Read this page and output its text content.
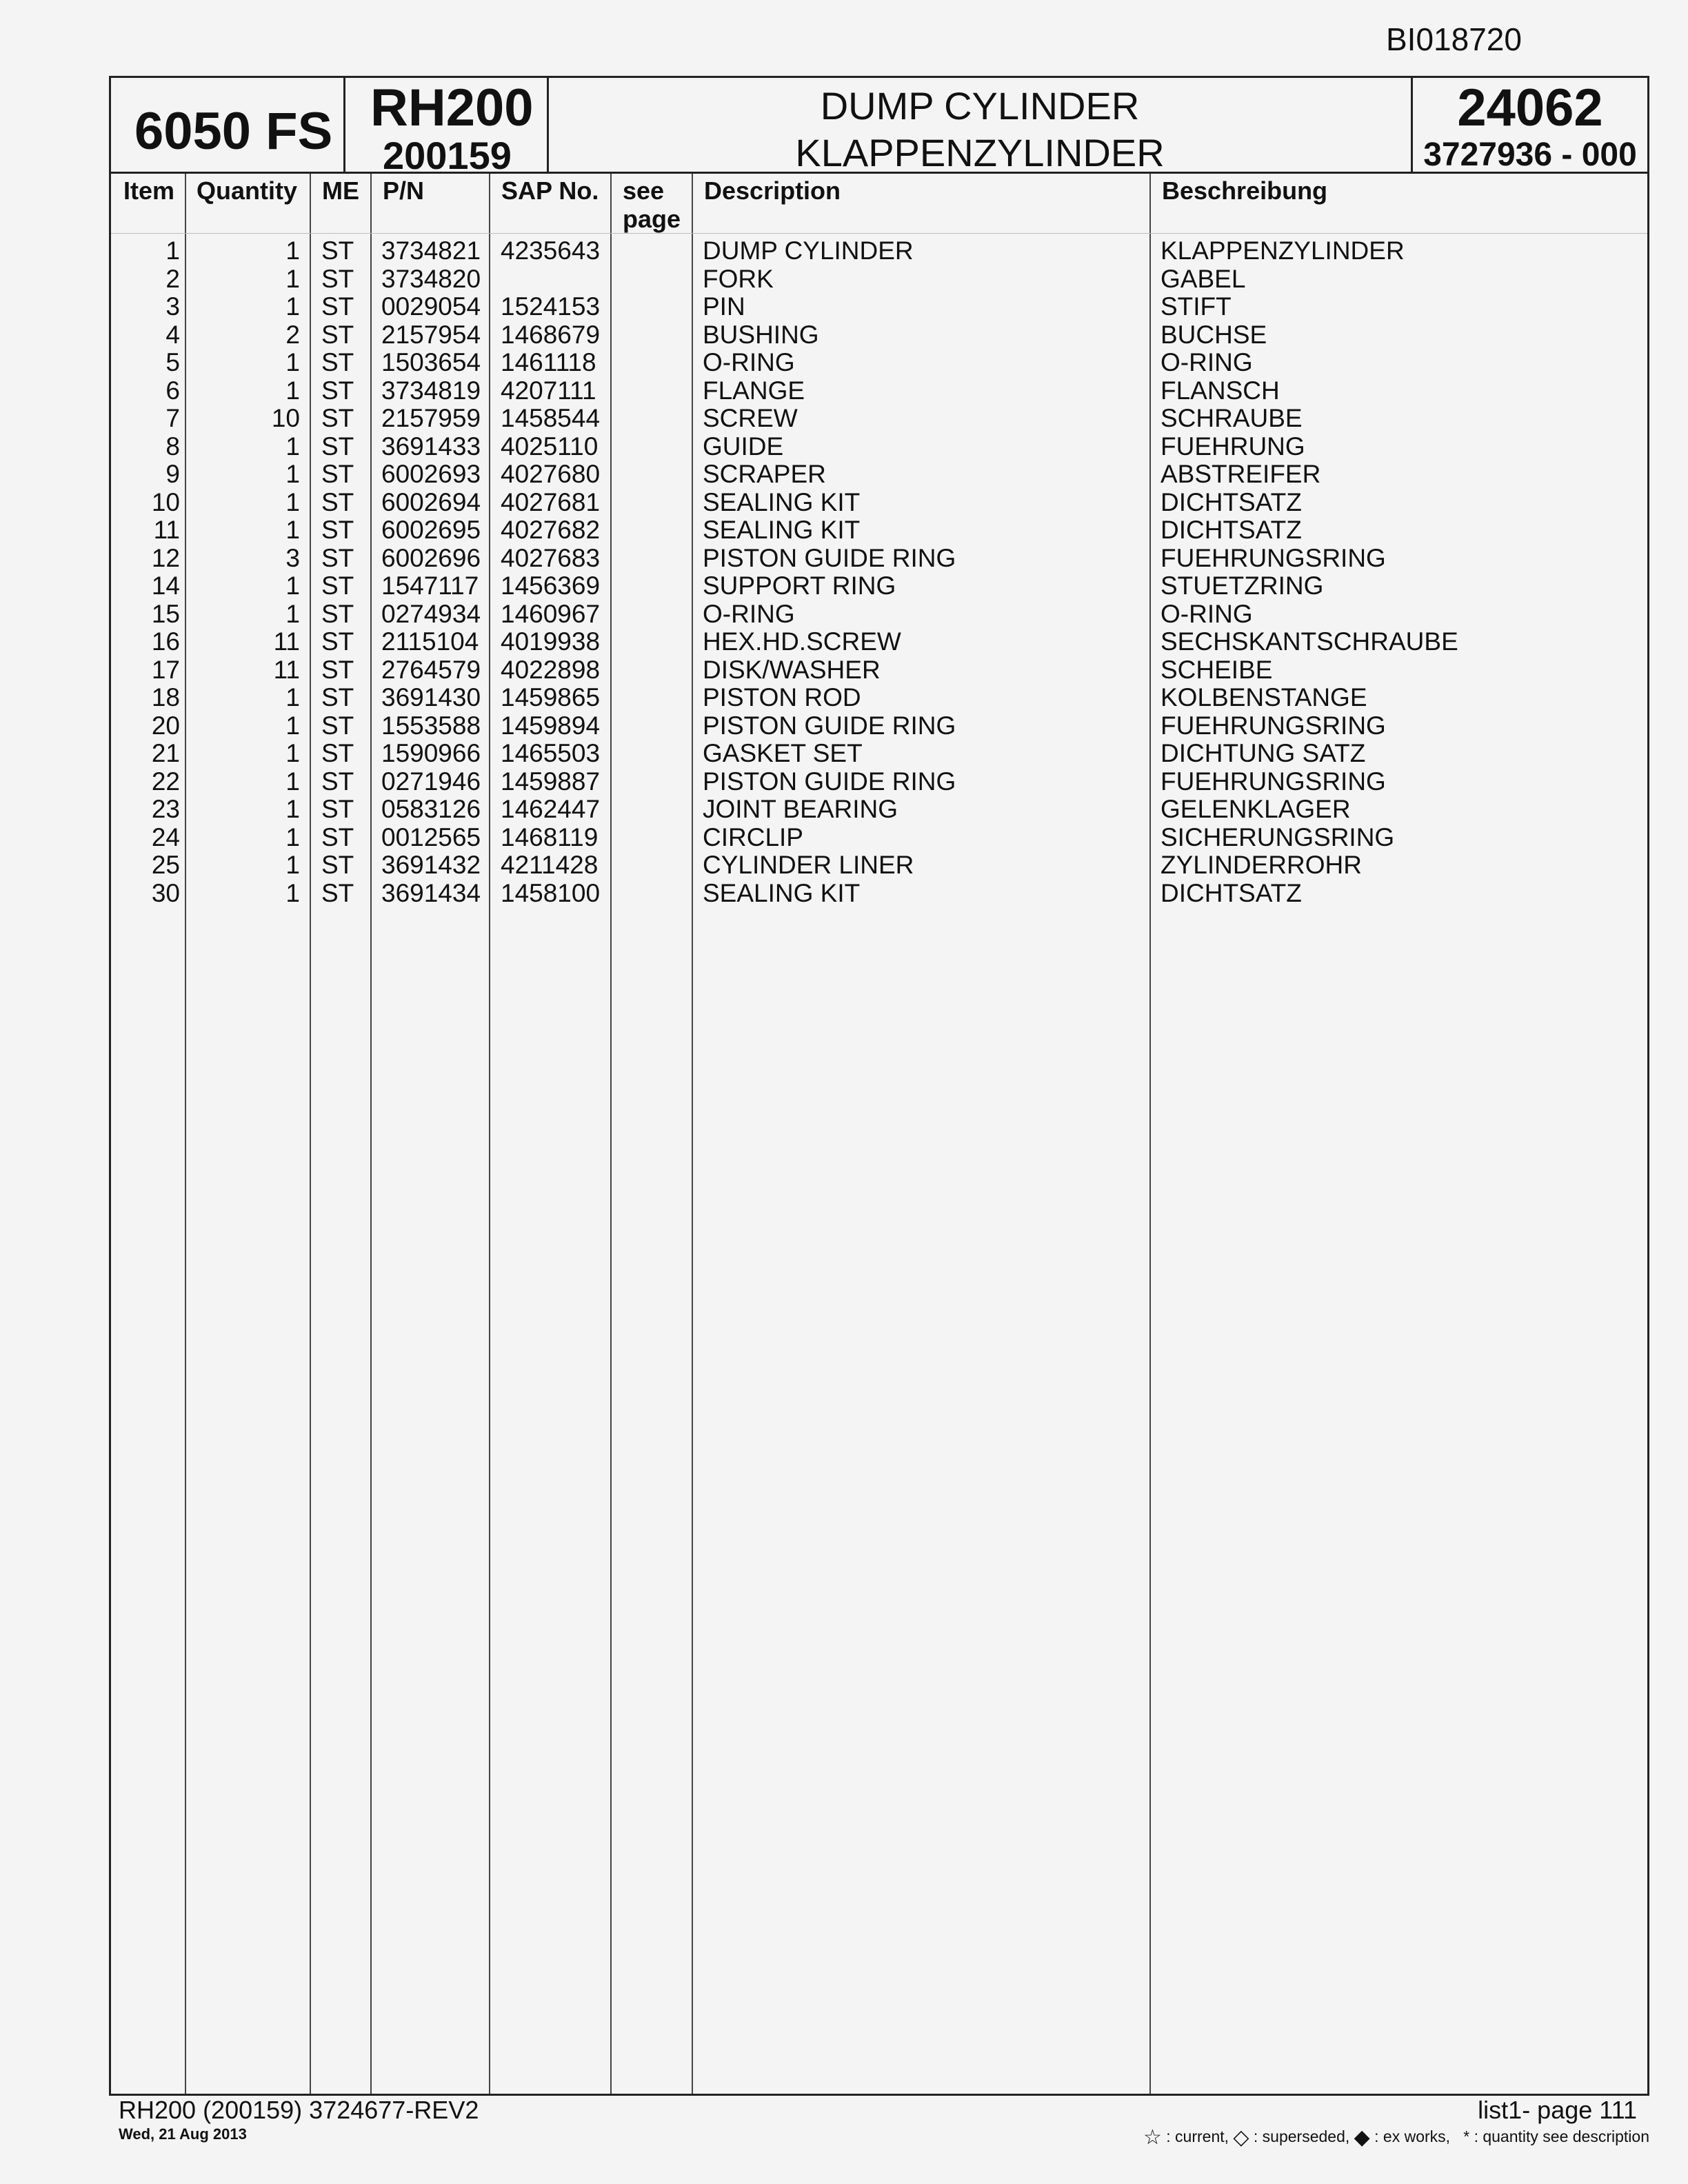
BI018720
6050 FS RH200
200159
DUMP CYLINDER
KLAPPENZYLINDER
24062
3727936 - 000
Item Quantity ME P/N	SAP No. see
page
Description	Beschreibung
1	1 ST 3734821 4235643	DUMP CYLINDER	KLAPPENZYLINDER
2	1 ST 3734820	FORK	GABEL
3	1 ST 0029054 1524153	PIN	STIFT
4	2 ST 2157954 1468679	BUSHING	BUCHSE
5	1 ST 1503654 1461118	O-RING	O-RING
6	1 ST 3734819 4207111	FLANGE	FLANSCH
7	10 ST 2157959 1458544	SCREW	SCHRAUBE
8	1 ST 3691433 4025110	GUIDE	FUEHRUNG
9	1 ST 6002693 4027680	SCRAPER	ABSTREIFER
10	1 ST 6002694 4027681	SEALING KIT	DICHTSATZ
11	1 ST 6002695 4027682	SEALING KIT	DICHTSATZ
12	3 ST 6002696 4027683	PISTON GUIDE RING	FUEHRUNGSRING
14	1 ST 1547117 1456369	SUPPORT RING	STUETZRING
15	1 ST 0274934 1460967	O-RING	O-RING
16	11 ST 2115104 4019938	HEX.HD.SCREW	SECHSKANTSCHRAUBE
17	11 ST 2764579 4022898	DISK/WASHER	SCHEIBE
18	1 ST 3691430 1459865	PISTON ROD	KOLBENSTANGE
20	1 ST 1553588 1459894	PISTON GUIDE RING	FUEHRUNGSRING
21	1 ST 1590966 1465503	GASKET SET	DICHTUNG SATZ
22	1 ST 0271946 1459887	PISTON GUIDE RING	FUEHRUNGSRING
23	1 ST 0583126 1462447	JOINT BEARING	GELENKLAGER
24	1 ST 0012565 1468119	CIRCLIP	SICHERUNGSRING
25	1 ST 3691432 4211428	CYLINDER LINER	ZYLINDERROHR
30	1 ST 3691434 1458100	SEALING KIT	DICHTSATZ
RH200 (200159) 3724677-REV2
Wed, 21 Aug 2013
list1- page 111
☆ : current, ◇ : superseded, ◆ : ex works, * : quantity see description
